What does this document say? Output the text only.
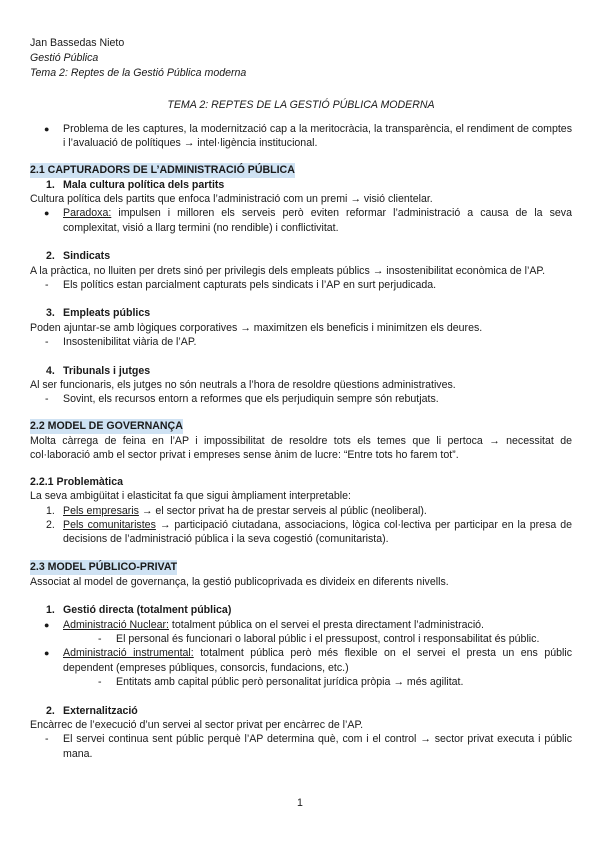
Jan Bassedas Nieto
Gestió Pública
Tema 2: Reptes de la Gestió Pública moderna
TEMA 2: REPTES DE LA GESTIÓ PÚBLICA MODERNA
●	Problema de les captures, la modernització cap a la meritocràcia, la transparència, el rendiment de comptes i l’avaluació de polítiques → intel·ligència institucional.
2.1 CAPTURADORS DE L’ADMINISTRACIÓ PÚBLICA
1. Mala cultura política dels partits
Cultura política dels partits que enfoca l’administració com un premi → visió clientelar.
●	Paradoxa: impulsen i milloren els serveis però eviten reformar l’administració a causa de la seva complexitat, visió a llarg termini (no rendible) i conflictivitat.
2. Sindicats
A la pràctica, no lluiten per drets sinó per privilegis dels empleats públics → insostenibilitat econòmica de l’AP.
-	Els polítics estan parcialment capturats pels sindicats i l’AP en surt perjudicada.
3. Empleats públics
Poden ajuntar-se amb lògiques corporatives → maximitzen els beneficis i minimitzen els deures.
-	Insostenibilitat viària de l’AP.
4. Tribunals i jutges
Al ser funcionaris, els jutges no són neutrals a l’hora de resoldre qüestions administratives.
-	Sovint, els recursos entorn a reformes que els perjudiquin sempre són rebutjats.
2.2 MODEL DE GOVERNANÇA
Molta càrrega de feina en l’AP i impossibilitat de resoldre tots els temes que li pertoca → necessitat de col·laboració amb el sector privat i empreses sense ànim de lucre: “Entre tots ho farem tot”.
2.2.1 Problemàtica
La seva ambigüitat i elasticitat fa que sigui àmpliament interpretable:
1. Pels empresaris → el sector privat ha de prestar serveis al públic (neoliberal).
2. Pels comunitaristes → participació ciutadana, associacions, lògica col·lectiva per participar en la presa de decisions de l’administració pública i la seva cogestió (comunitarista).
2.3 MODEL PÚBLICO-PRIVAT
Associat al model de governança, la gestió publicoprivada es divideix en diferents nivells.
1. Gestió directa (totalment pública)
●	Administració Nuclear: totalment pública on el servei el presta directament l’administració.
-	El personal és funcionari o laboral públic i el pressupost, control i responsabilitat és públic.
●	Administració instrumental: totalment pública però més flexible on el servei el presta un ens públic dependent (empreses públiques, consorcis, fundacions, etc.)
-	Entitats amb capital públic però personalitat jurídica pròpia → més agilitat.
2. Externalització
Encàrrec de l’execució d’un servei al sector privat per encàrrec de l’AP.
-	El servei continua sent públic perquè l’AP determina què, com i el control → sector privat executa i públic mana.
1
